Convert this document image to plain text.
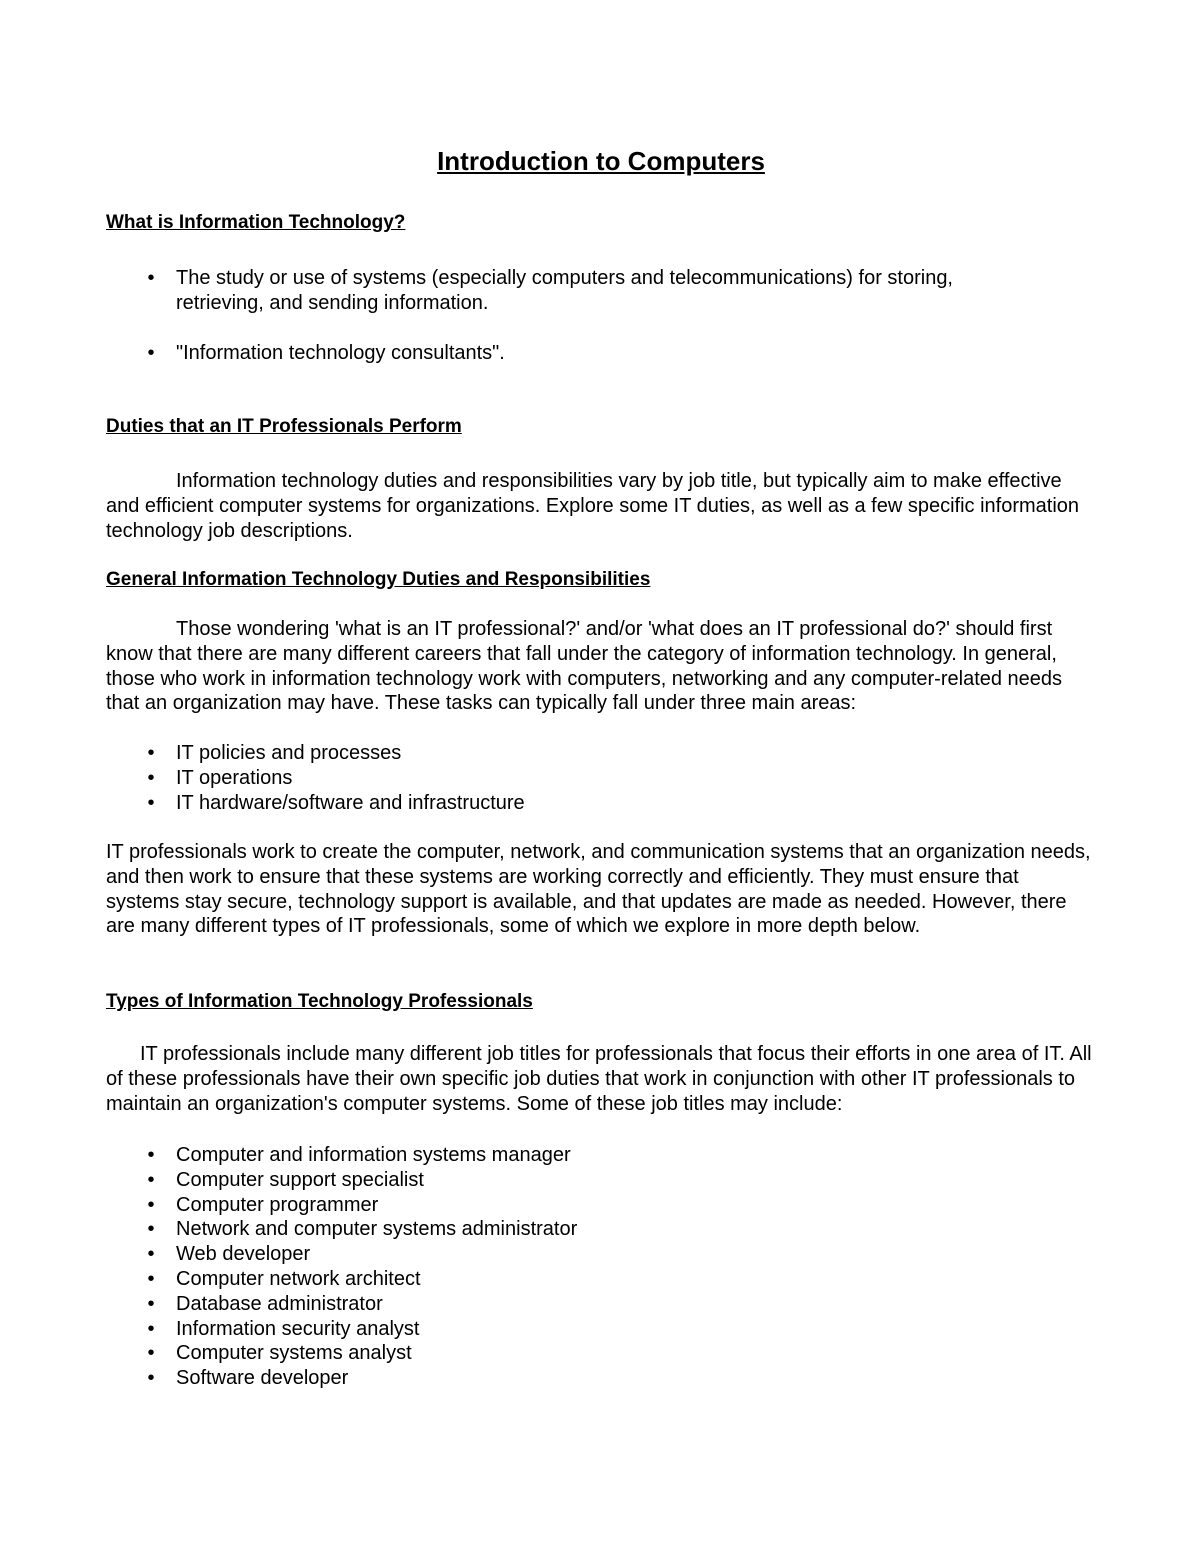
Introduction to Computers
What is Information Technology?
• The study or use of systems (especially computers and telecommunications) for storing, retrieving, and sending information.
• "Information technology consultants".
Duties that an IT Professionals Perform

Information technology duties and responsibilities vary by job title, but typically aim to make effective and efficient computer systems for organizations. Explore some IT duties, as well as a few specific information technology job descriptions.

General Information Technology Duties and Responsibilities

Those wondering 'what is an IT professional?' and/or 'what does an IT professional do?' should first know that there are many different careers that fall under the category of information technology. In general, those who work in information technology work with computers, networking and any computer-related needs that an organization may have. These tasks can typically fall under three main areas:

• IT policies and processes
• IT operations
• IT hardware/software and infrastructure

IT professionals work to create the computer, network, and communication systems that an organization needs, and then work to ensure that these systems are working correctly and efficiently. They must ensure that systems stay secure, technology support is available, and that updates are made as needed. However, there are many different types of IT professionals, some of which we explore in more depth below.

Types of Information Technology Professionals

IT professionals include many different job titles for professionals that focus their efforts in one area of IT. All of these professionals have their own specific job duties that work in conjunction with other IT professionals to maintain an organization's computer systems. Some of these job titles may include:

• Computer and information systems manager
• Computer support specialist
• Computer programmer
• Network and computer systems administrator
• Web developer
• Computer network architect
• Database administrator
• Information security analyst
• Computer systems analyst
• Software developer
